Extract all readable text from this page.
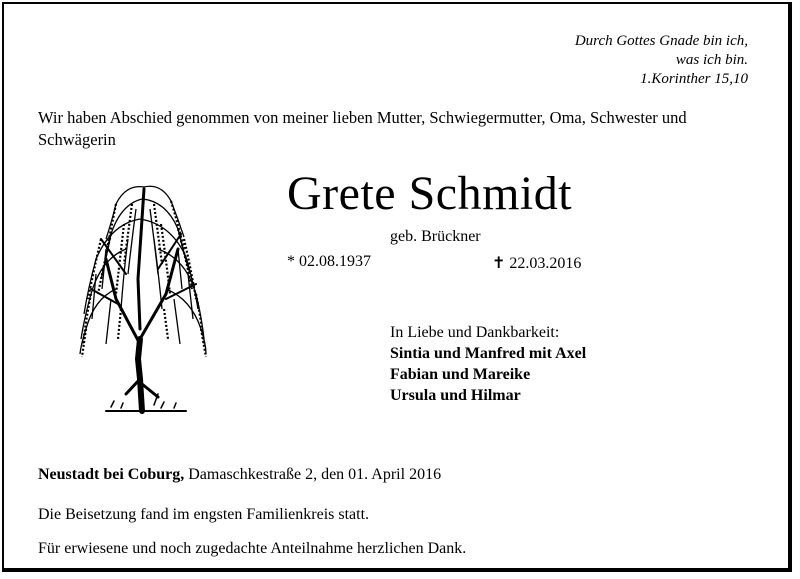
Durch Gottes Gnade bin ich,
was ich bin.
1.Korinther 15,10
Wir haben Abschied genommen von meiner lieben Mutter, Schwiegermutter, Oma, Schwester und Schwägerin
Grete Schmidt
geb. Brückner
* 02.08.1937	✝ 22.03.2016
In Liebe und Dankbarkeit:
Sintia und Manfred mit Axel
Fabian und Mareike
Ursula und Hilmar
Neustadt bei Coburg, Damaschkestraße 2, den 01. April 2016
Die Beisetzung fand im engsten Familienkreis statt.
Für erwiesene und noch zugedachte Anteilnahme herzlichen Dank.
